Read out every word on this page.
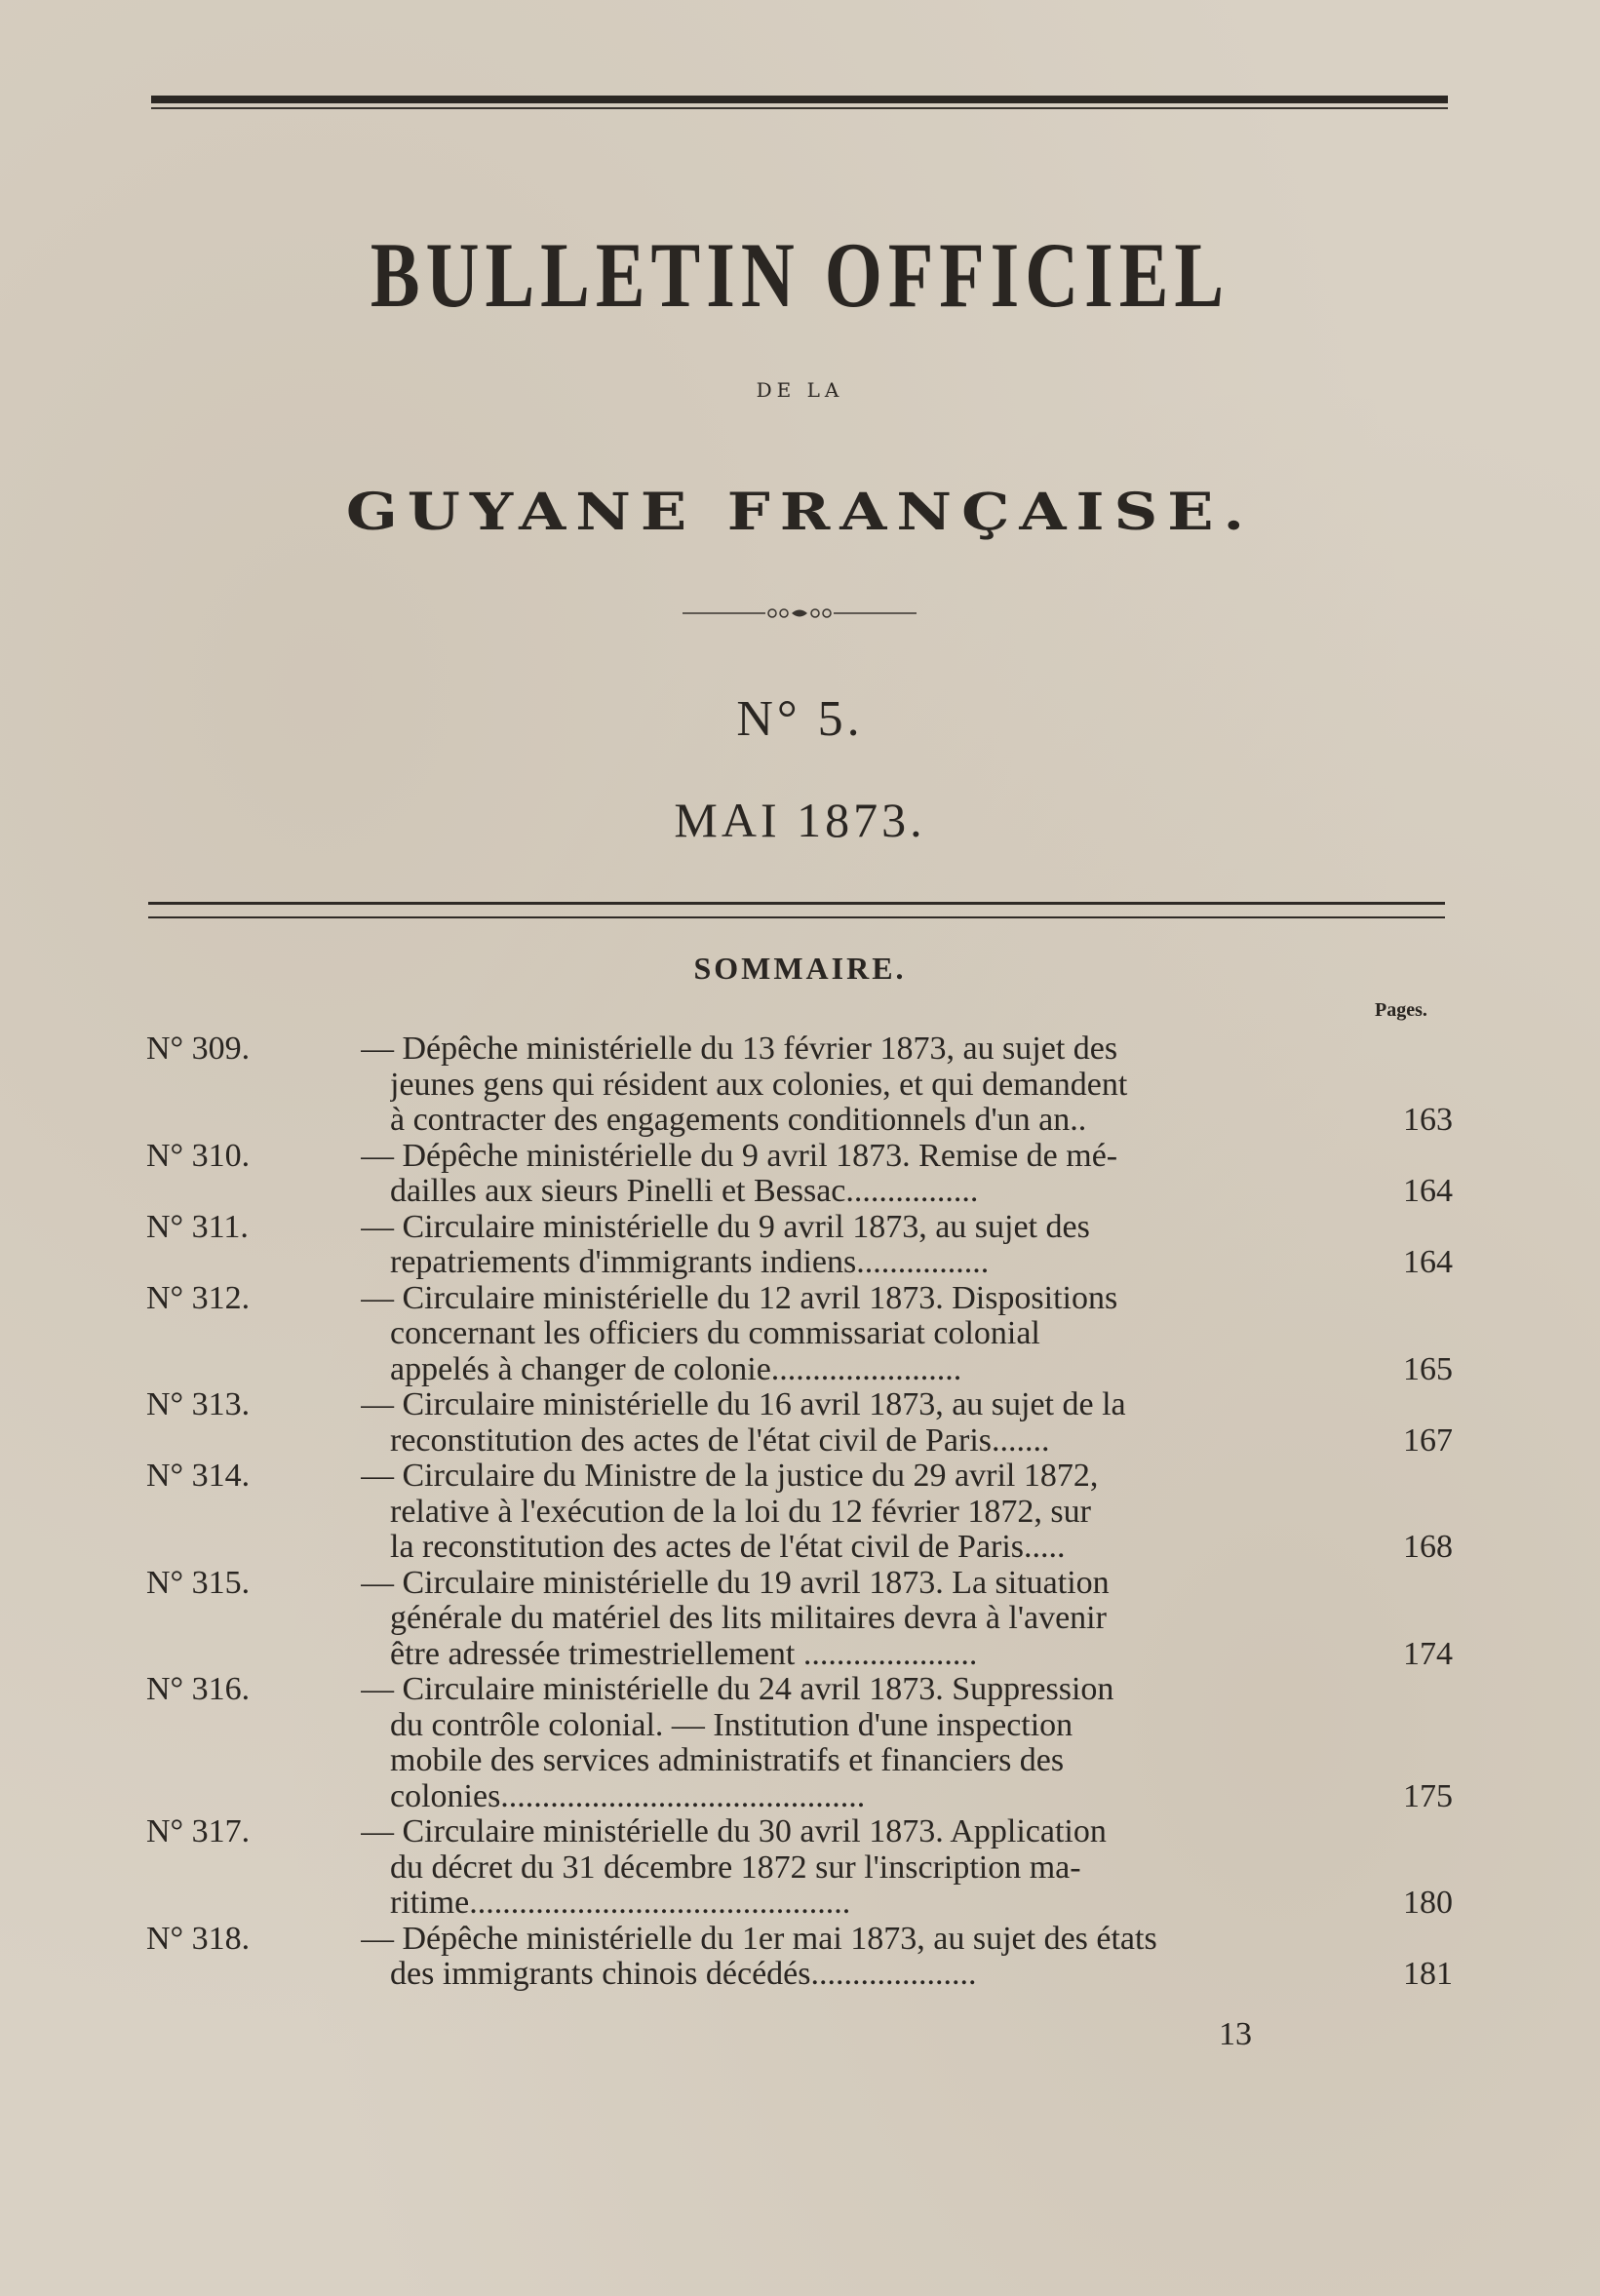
BULLETIN OFFICIEL
DE LA
GUYANE FRANÇAISE.
N° 5.
MAI 1873.
SOMMAIRE.
Pages.
N° 309.	— Dépêche ministérielle du 13 février 1873, au sujet des
jeunes gens qui résident aux colonies, et qui demandent
à contracter des engagements conditionnels d'un an..	163
N° 310.	— Dépêche ministérielle du 9 avril 1873. Remise de mé-
dailles aux sieurs Pinelli et Bessac................	164
N° 311.	— Circulaire ministérielle du 9 avril 1873, au sujet des
repatriements d'immigrants indiens................	164
N° 312.	— Circulaire ministérielle du 12 avril 1873. Dispositions
concernant les officiers du commissariat colonial
appelés à changer de colonie.......................	165
N° 313.	— Circulaire ministérielle du 16 avril 1873, au sujet de la
reconstitution des actes de l'état civil de Paris.......	167
N° 314.	— Circulaire du Ministre de la justice du 29 avril 1872,
relative à l'exécution de la loi du 12 février 1872, sur
la reconstitution des actes de l'état civil de Paris.....	168
N° 315.	— Circulaire ministérielle du 19 avril 1873. La situation
générale du matériel des lits militaires devra à l'avenir
être adressée trimestriellement .....................	174
N° 316.	— Circulaire ministérielle du 24 avril 1873. Suppression
du contrôle colonial. — Institution d'une inspection
mobile des services administratifs et financiers des
colonies............................................	175
N° 317.	— Circulaire ministérielle du 30 avril 1873. Application
du décret du 31 décembre 1872 sur l'inscription ma-
ritime..............................................	180
N° 318.	— Dépêche ministérielle du 1er mai 1873, au sujet des états
des immigrants chinois décédés....................	181
13
